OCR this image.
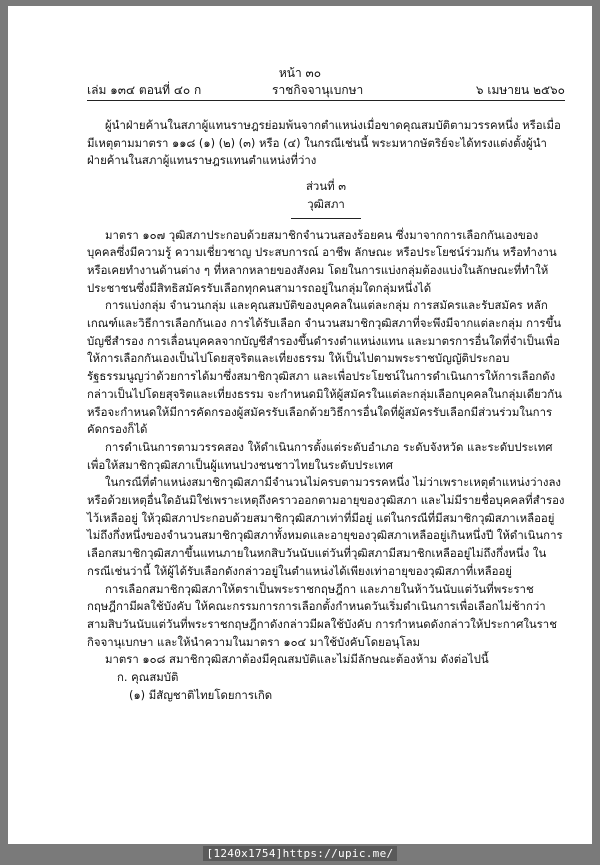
หน้า ๓๐
เล่ม ๑๓๔ ตอนที่ ๔๐ ก	ราชกิจจานุเบกษา	๖ เมษายน ๒๕๖๐

ผู้นำฝ่ายค้านในสภาผู้แทนราษฎรย่อมพ้นจากตำแหน่งเมื่อขาดคุณสมบัติตามวรรคหนึ่ง หรือเมื่อมีเหตุตามมาตรา ๑๑๘ (๑) (๒) (๓) หรือ (๔) ในกรณีเช่นนี้ พระมหากษัตริย์จะได้ทรงแต่งตั้งผู้นำฝ่ายค้านในสภาผู้แทนราษฎรแทนตำแหน่งที่ว่าง

ส่วนที่ ๓

วุฒิสภา

มาตรา ๑๐๗ วุฒิสภาประกอบด้วยสมาชิกจำนวนสองร้อยคน ซึ่งมาจากการเลือกกันเองของบุคคลซึ่งมีความรู้ ความเชี่ยวชาญ ประสบการณ์ อาชีพ ลักษณะ หรือประโยชน์ร่วมกัน หรือทำงานหรือเคยทำงานด้านต่าง ๆ ที่หลากหลายของสังคม โดยในการแบ่งกลุ่มต้องแบ่งในลักษณะที่ทำให้ประชาชนซึ่งมีสิทธิสมัครรับเลือกทุกคนสามารถอยู่ในกลุ่มใดกลุ่มหนึ่งได้

การแบ่งกลุ่ม จำนวนกลุ่ม และคุณสมบัติของบุคคลในแต่ละกลุ่ม การสมัครและรับสมัคร หลักเกณฑ์และวิธีการเลือกกันเอง การได้รับเลือก จำนวนสมาชิกวุฒิสภาที่จะพึงมีจากแต่ละกลุ่ม การขึ้นบัญชีสำรอง การเลื่อนบุคคลจากบัญชีสำรองขึ้นดำรงตำแหน่งแทน และมาตรการอื่นใดที่จำเป็นเพื่อให้การเลือกกันเองเป็นไปโดยสุจริตและเที่ยงธรรม ให้เป็นไปตามพระราชบัญญัติประกอบรัฐธรรมนูญว่าด้วยการได้มาซึ่งสมาชิกวุฒิสภา และเพื่อประโยชน์ในการดำเนินการให้การเลือกดังกล่าวเป็นไปโดยสุจริตและเที่ยงธรรม จะกำหนดมิให้ผู้สมัครในแต่ละกลุ่มเลือกบุคคลในกลุ่มเดียวกัน หรือจะกำหนดให้มีการคัดกรองผู้สมัครรับเลือกด้วยวิธีการอื่นใดที่ผู้สมัครรับเลือกมีส่วนร่วมในการคัดกรองก็ได้

การดำเนินการตามวรรคสอง ให้ดำเนินการตั้งแต่ระดับอำเภอ ระดับจังหวัด และระดับประเทศ เพื่อให้สมาชิกวุฒิสภาเป็นผู้แทนปวงชนชาวไทยในระดับประเทศ

ในกรณีที่ตำแหน่งสมาชิกวุฒิสภามีจำนวนไม่ครบตามวรรคหนึ่ง ไม่ว่าเพราะเหตุตำแหน่งว่างลงหรือด้วยเหตุอื่นใดอันมิใช่เพราะเหตุถึงคราวออกตามอายุของวุฒิสภา และไม่มีรายชื่อบุคคลที่สำรองไว้เหลืออยู่ ให้วุฒิสภาประกอบด้วยสมาชิกวุฒิสภาเท่าที่มีอยู่ แต่ในกรณีที่มีสมาชิกวุฒิสภาเหลืออยู่ไม่ถึงกึ่งหนึ่งของจำนวนสมาชิกวุฒิสภาทั้งหมดและอายุของวุฒิสภาเหลืออยู่เกินหนึ่งปี ให้ดำเนินการเลือกสมาชิกวุฒิสภาขึ้นแทนภายในหกสิบวันนับแต่วันที่วุฒิสภามีสมาชิกเหลืออยู่ไม่ถึงกึ่งหนึ่ง ในกรณีเช่นว่านี้ ให้ผู้ได้รับเลือกดังกล่าวอยู่ในตำแหน่งได้เพียงเท่าอายุของวุฒิสภาที่เหลืออยู่

การเลือกสมาชิกวุฒิสภาให้ตราเป็นพระราชกฤษฎีกา และภายในห้าวันนับแต่วันที่พระราชกฤษฎีกามีผลใช้บังคับ ให้คณะกรรมการการเลือกตั้งกำหนดวันเริ่มดำเนินการเพื่อเลือกไม่ช้ากว่าสามสิบวันนับแต่วันที่พระราชกฤษฎีกาดังกล่าวมีผลใช้บังคับ การกำหนดดังกล่าวให้ประกาศในราชกิจจานุเบกษา และให้นำความในมาตรา ๑๐๔ มาใช้บังคับโดยอนุโลม

มาตรา ๑๐๘ สมาชิกวุฒิสภาต้องมีคุณสมบัติและไม่มีลักษณะต้องห้าม ดังต่อไปนี้

ก. คุณสมบัติ

(๑) มีสัญชาติไทยโดยการเกิด

[1240x1754]https://upic.me/
